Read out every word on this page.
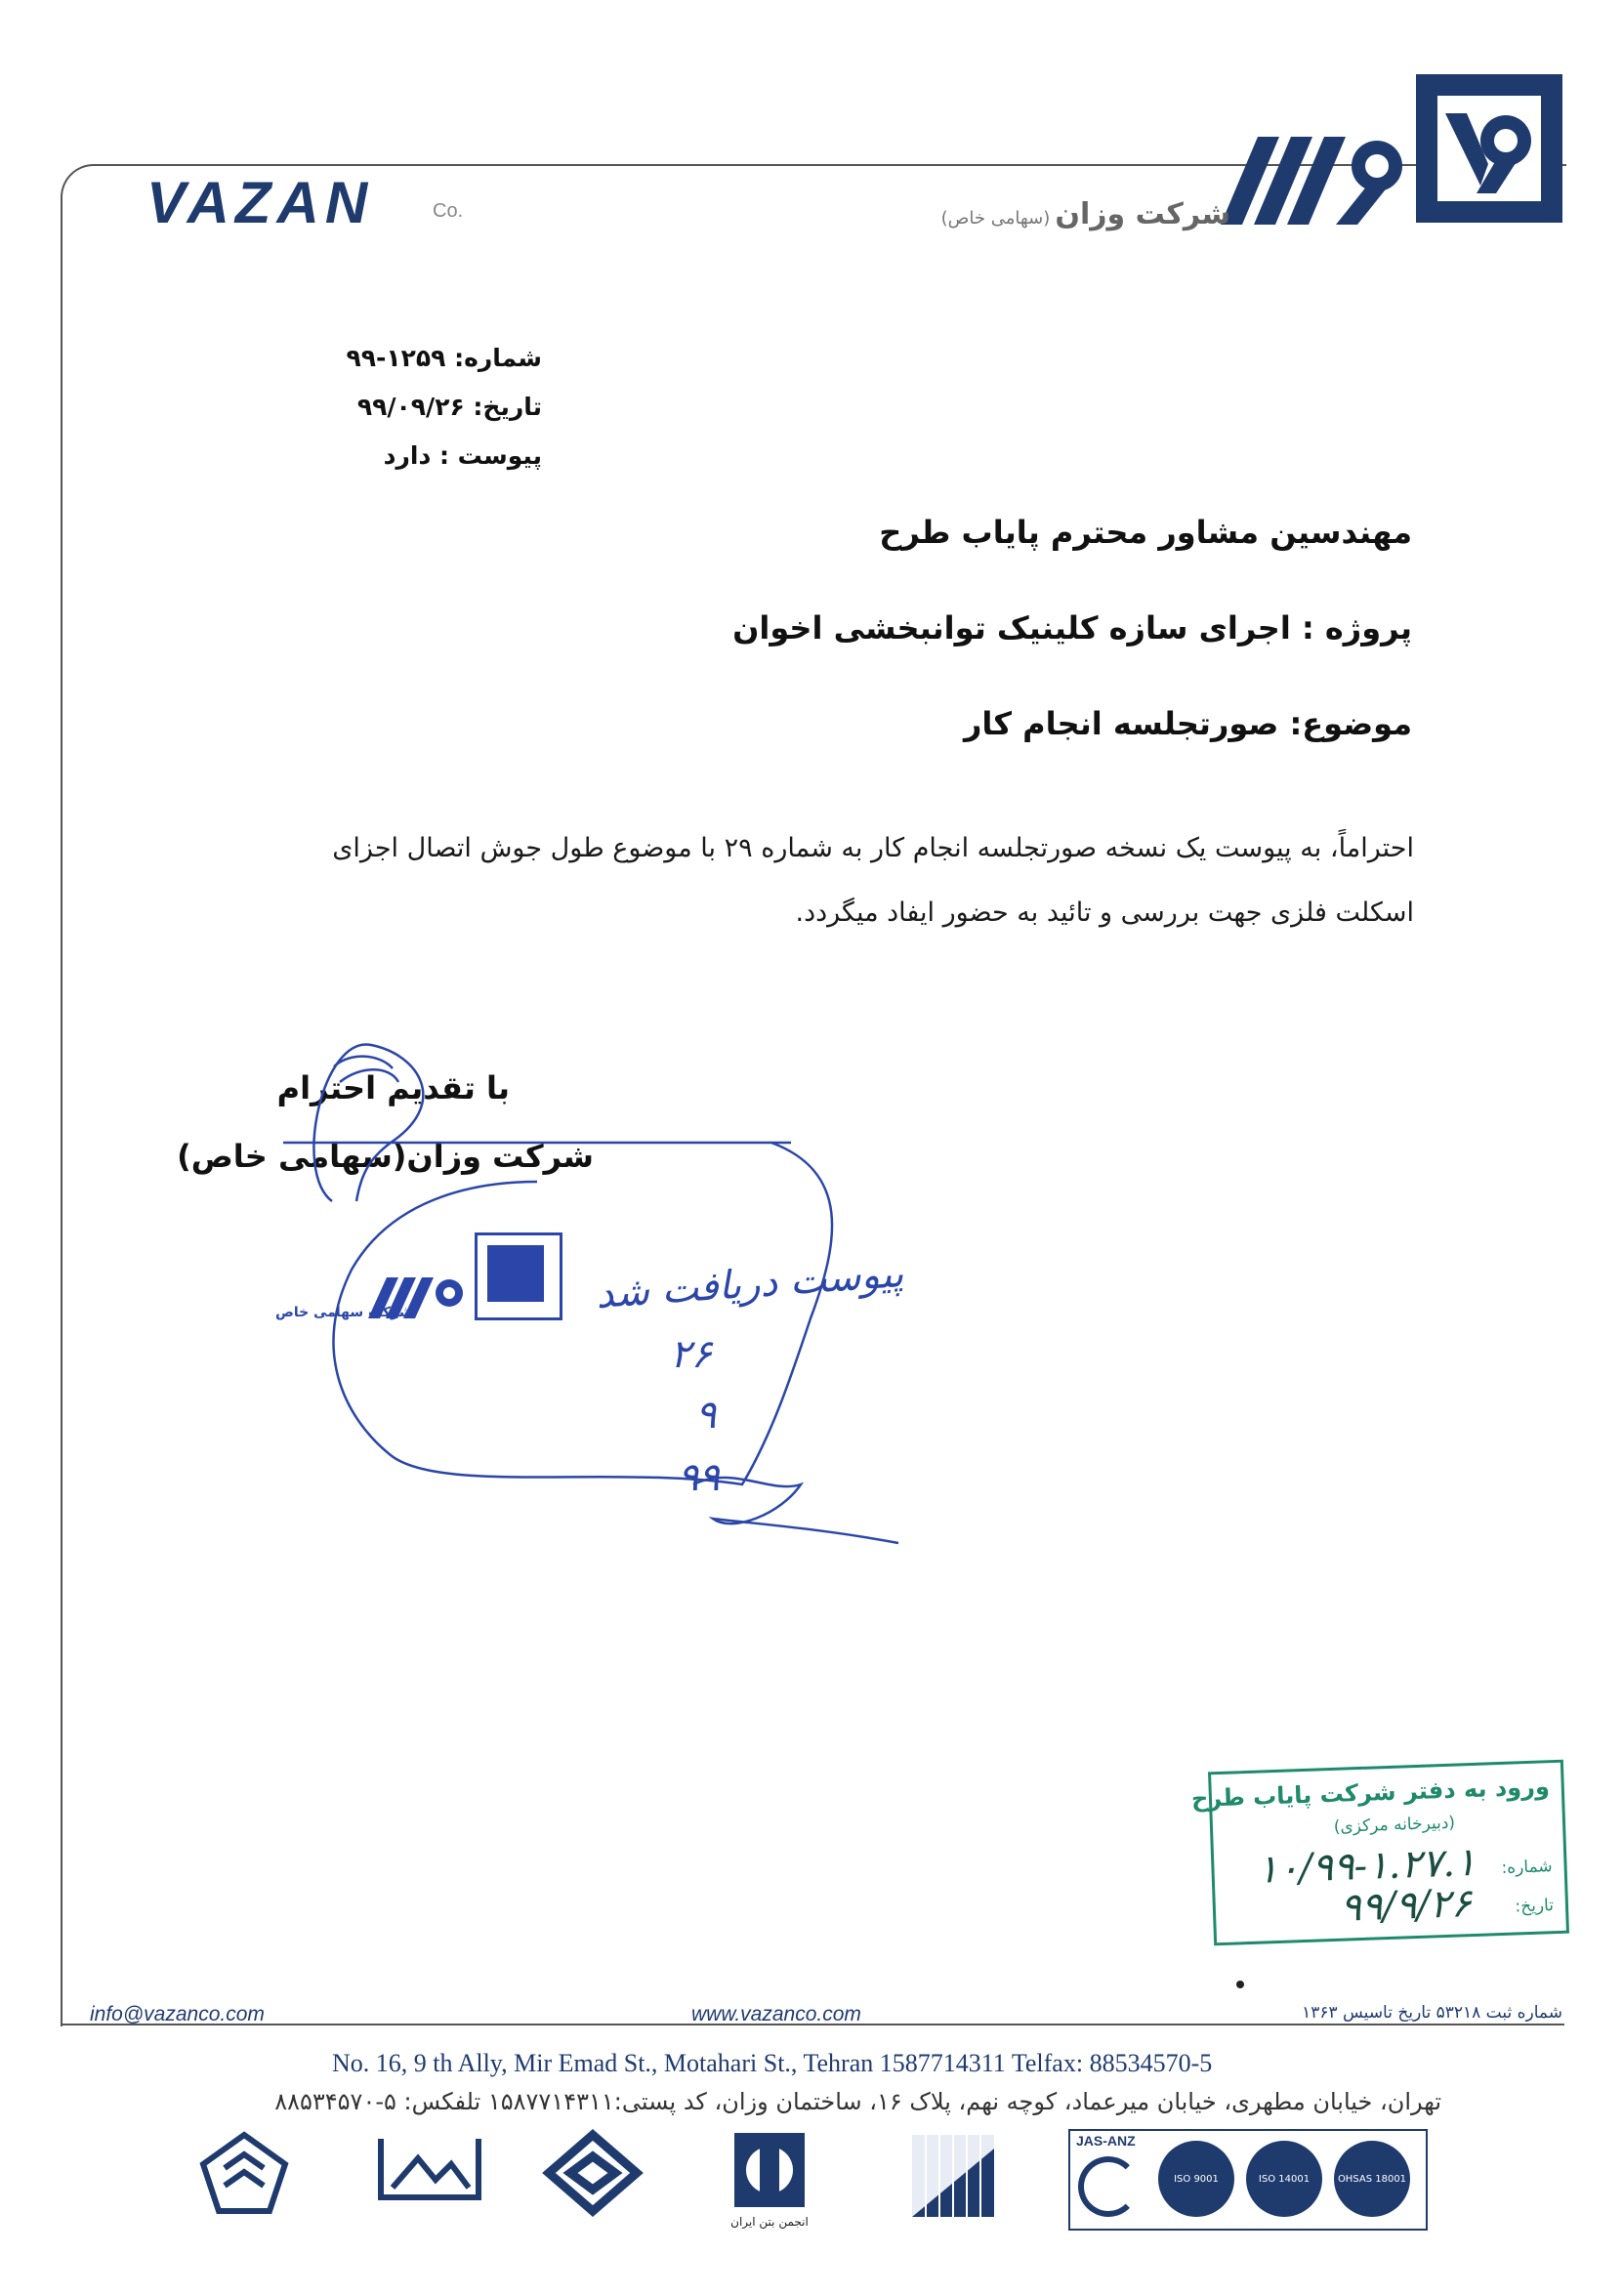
VAZAN	Co.	شرکت وزان (سهامی خاص)
شماره: ۱۲۵۹-۹۹
تاریخ: ۹۹/۰۹/۲۶
پیوست : دارد
مهندسین مشاور محترم پایاب طرح
پروژه : اجرای سازه کلینیک توانبخشی اخوان
موضوع: صورتجلسه انجام کار
احتراماً، به پیوست یک نسخه صورتجلسه انجام کار به شماره ۲۹ با موضوع طول جوش اتصال اجزای
اسکلت فلزی جهت بررسی و تائید به حضور ایفاد میگردد.
با تقدیم احترام
شرکت وزان(سهامی خاص)
شرکت سهامی خاص	پیوست دریافت شد
۲۶
۹
۹۹
ورود به دفتر شرکت پایاب طرح
(دبیرخانه مرکزی)
شماره:
۱۰/۹۹-۱.۲۷.۱
تاریخ:
۹۹/۹/۲۶
info@vazanco.com	www.vazanco.com	شماره ثبت ۵۳۲۱۸ تاریخ تاسیس ۱۳۶۳
No. 16, 9 th Ally, Mir Emad St., Motahari St., Tehran 1587714311 Telfax: 88534570-5
تهران، خیابان مطهری، خیابان میرعماد، کوچه نهم، پلاک ۱۶، ساختمان وزان، کد پستی:۱۵۸۷۷۱۴۳۱۱ تلفکس: ۵-۸۸۵۳۴۵۷۰
انجمن بتن ایران
JAS-ANZ
ISO 9001	ISO 14001	OHSAS 18001
